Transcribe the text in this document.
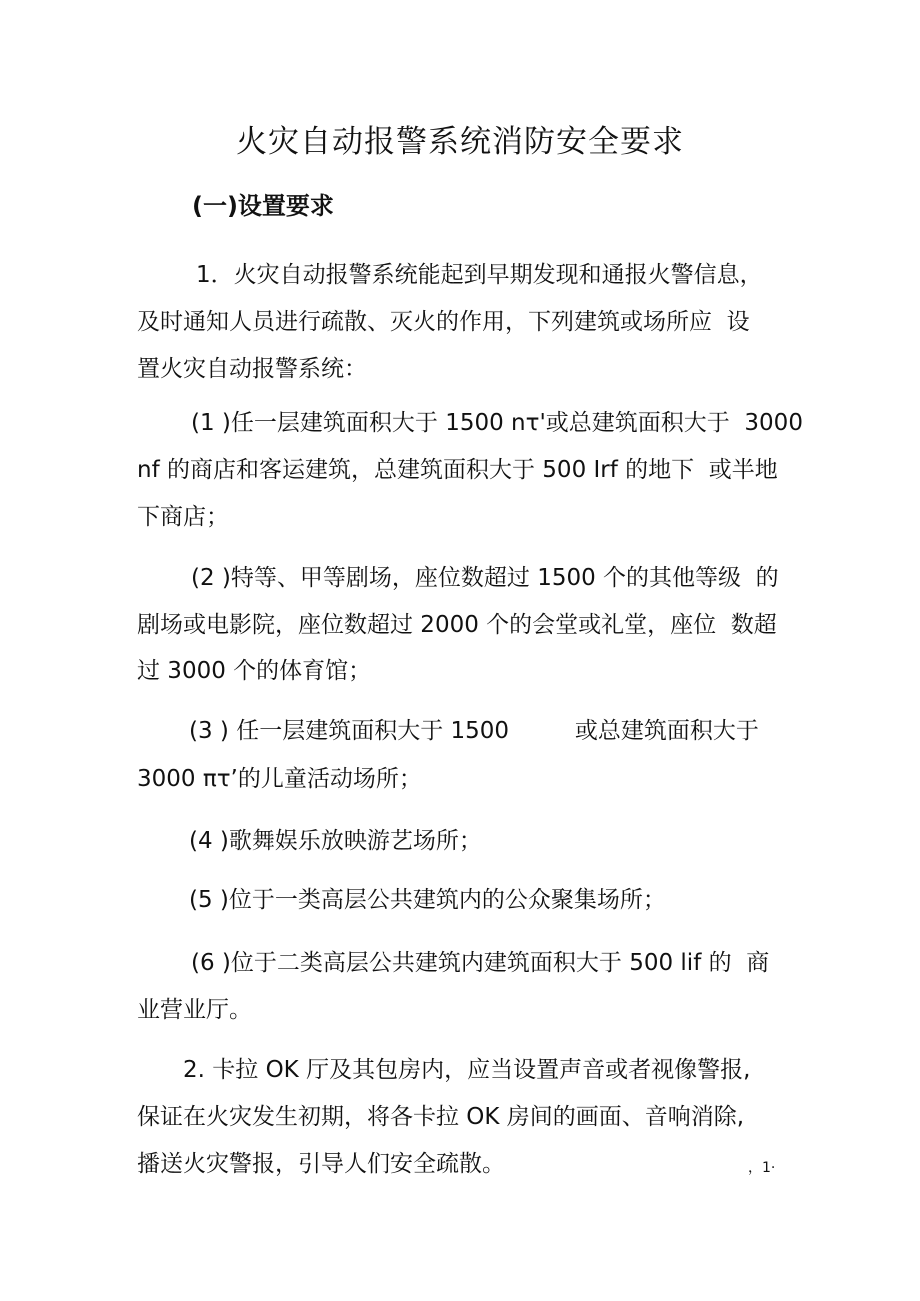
火灾自动报警系统消防安全要求
(一)设置要求
1．火灾自动报警系统能起到早期发现和通报火警信息，
及时通知人员进行疏散、灭火的作用，下列建筑或场所应  设
置火灾自动报警系统：
(1 )任一层建筑面积大于 1500 nτ'或总建筑面积大于  3000
nf 的商店和客运建筑，总建筑面积大于 500 Irf 的地下  或半地
下商店；
(2 )特等、甲等剧场，座位数超过 1500 个的其他等级  的
剧场或电影院，座位数超过 2000 个的会堂或礼堂，座位  数超
过 3000 个的体育馆；
(3 ) 任一层建筑面积大于 1500         或总建筑面积大于
3000 πτ’的儿童活动场所；
(4 )歌舞娱乐放映游艺场所；
(5 )位于一类高层公共建筑内的公众聚集场所；
(6 )位于二类高层公共建筑内建筑面积大于 500 lif 的  商
业营业厅。
2. 卡拉 OK 厅及其包房内，应当设置声音或者视像警报,
保证在火灾发生初期，将各卡拉 OK 房间的画面、音响消除,
播送火灾警报，引导人们安全疏散。	，1·
